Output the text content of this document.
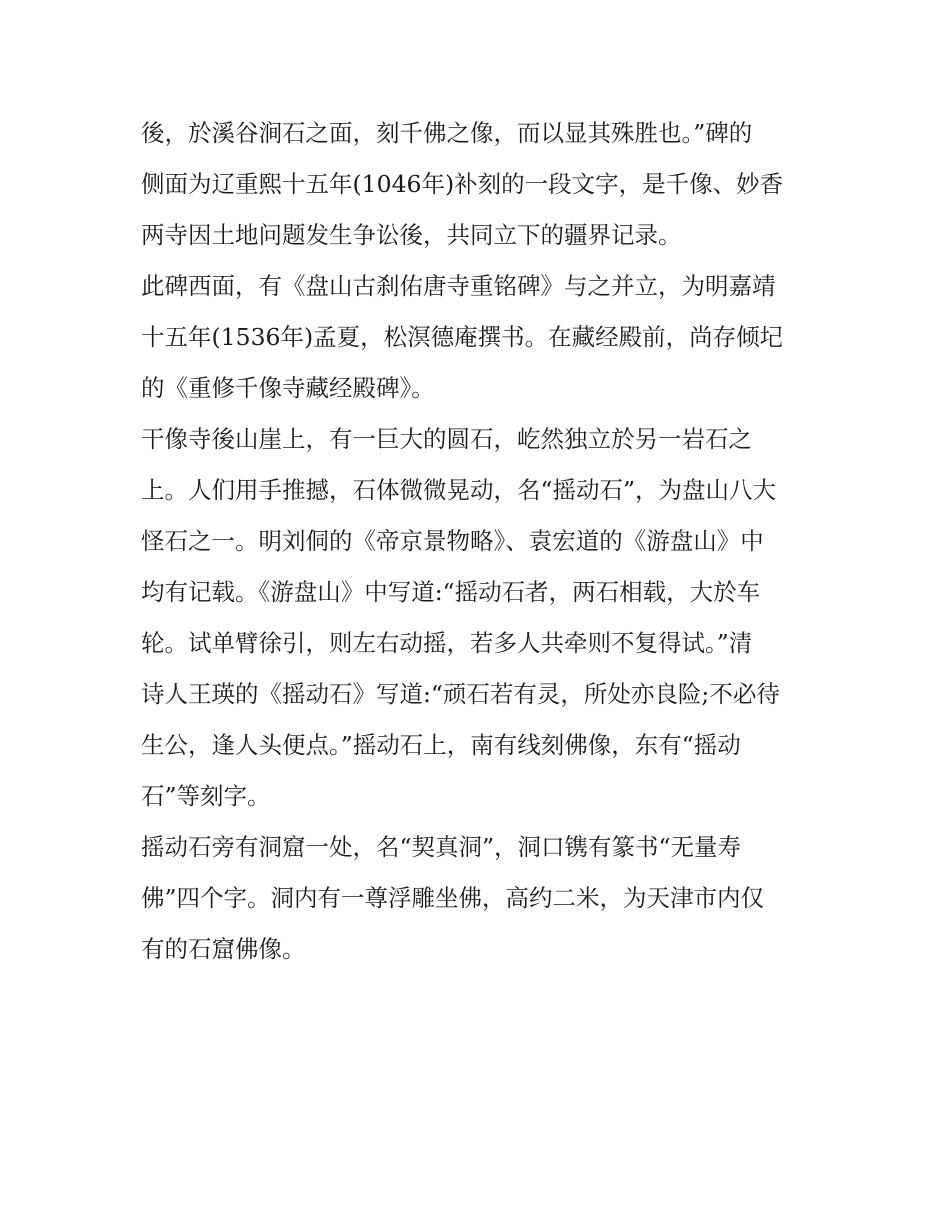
後，於溪谷涧石之面，刻千佛之像，而以显其殊胜也。”碑的
侧面为辽重熙十五年(1046年)补刻的一段文字，是千像、妙香
两寺因土地问题发生争讼後，共同立下的疆界记录。
此碑西面，有《盘山古刹佑唐寺重铭碑》与之并立，为明嘉靖
十五年(1536年)孟夏，松溟德庵撰书。在藏经殿前，尚存倾圮
的《重修千像寺藏经殿碑》。
干像寺後山崖上，有一巨大的圆石，屹然独立於另一岩石之
上。人们用手推撼，石体微微晃动，名“摇动石”，为盘山八大
怪石之一。明刘侗的《帝京景物略》、袁宏道的《游盘山》中
均有记载。《游盘山》中写道:“摇动石者，两石相载，大於车
轮。试单臂徐引，则左右动摇，若多人共牵则不复得试。”清
诗人王瑛的《摇动石》写道:“顽石若有灵，所处亦良险;不必待
生公，逢人头便点。”摇动石上，南有线刻佛像，东有“摇动
石”等刻字。
摇动石旁有洞窟一处，名“契真洞”，洞口镌有篆书“无量寿
佛”四个字。洞内有一尊浮雕坐佛，高约二米，为天津市内仅
有的石窟佛像。
